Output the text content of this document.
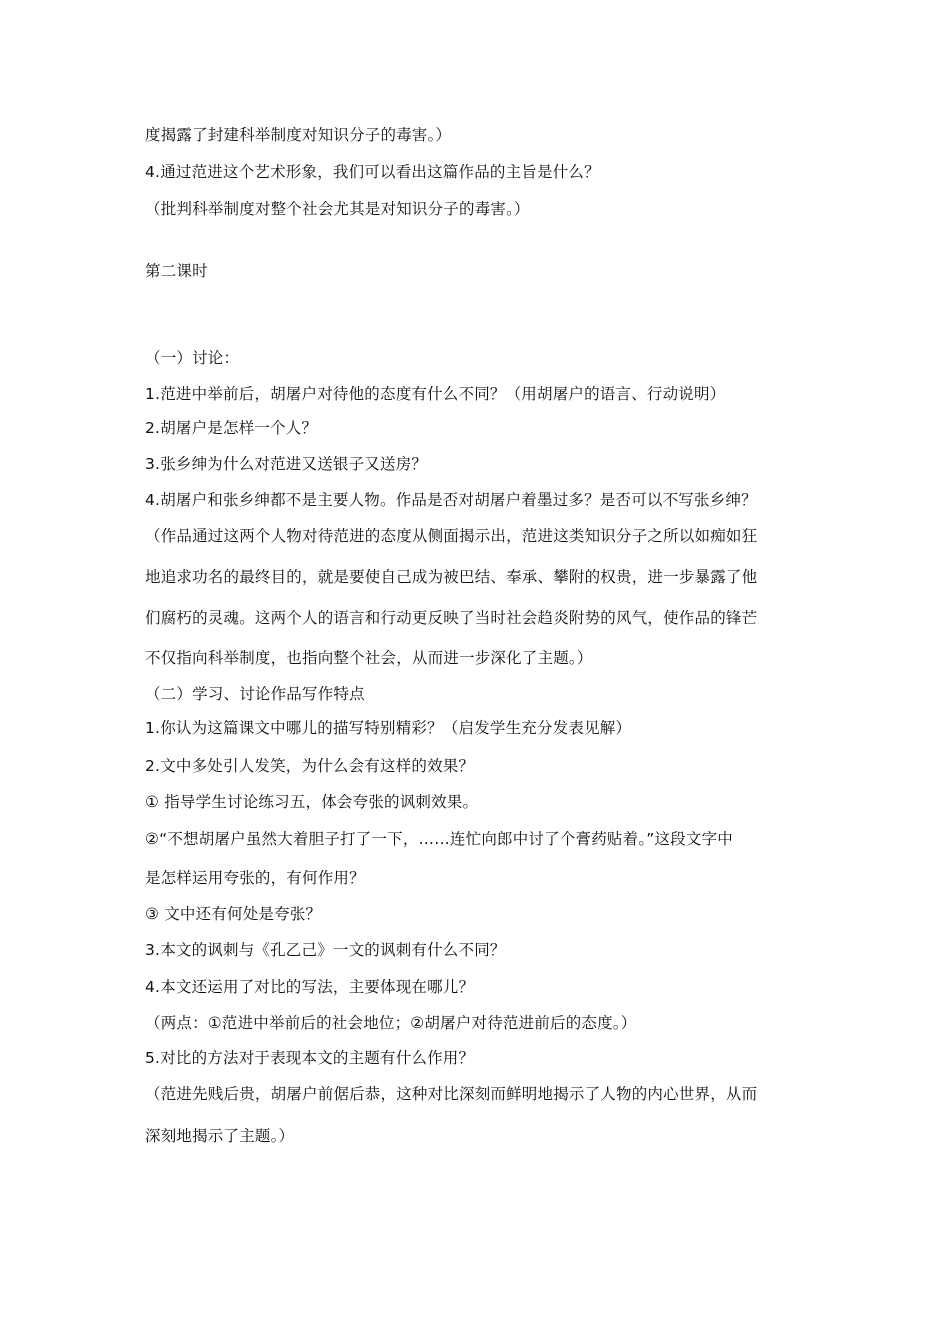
度揭露了封建科举制度对知识分子的毒害。）
4.通过范进这个艺术形象，我们可以看出这篇作品的主旨是什么？
（批判科举制度对整个社会尤其是对知识分子的毒害。）
第二课时
（一）讨论：
1.范进中举前后，胡屠户对待他的态度有什么不同？（用胡屠户的语言、行动说明）
2.胡屠户是怎样一个人？
3.张乡绅为什么对范进又送银子又送房？
4.胡屠户和张乡绅都不是主要人物。作品是否对胡屠户着墨过多？是否可以不写张乡绅？
（作品通过这两个人物对待范进的态度从侧面揭示出，范进这类知识分子之所以如痴如狂
地追求功名的最终目的，就是要使自己成为被巴结、奉承、攀附的权贵，进一步暴露了他
们腐朽的灵魂。这两个人的语言和行动更反映了当时社会趋炎附势的风气，使作品的锋芒
不仅指向科举制度，也指向整个社会，从而进一步深化了主题。）
（二）学习、讨论作品写作特点
1.你认为这篇课文中哪儿的描写特别精彩？（启发学生充分发表见解）
2.文中多处引人发笑，为什么会有这样的效果？
① 指导学生讨论练习五，体会夸张的讽刺效果。
②“不想胡屠户虽然大着胆子打了一下，……连忙向郎中讨了个膏药贴着。”这段文字中
是怎样运用夸张的，有何作用？
③ 文中还有何处是夸张？
3.本文的讽刺与《孔乙己》一文的讽刺有什么不同？
4.本文还运用了对比的写法，主要体现在哪儿？
（两点：①范进中举前后的社会地位；②胡屠户对待范进前后的态度。）
5.对比的方法对于表现本文的主题有什么作用？
（范进先贱后贵，胡屠户前倨后恭，这种对比深刻而鲜明地揭示了人物的内心世界，从而
深刻地揭示了主题。）
